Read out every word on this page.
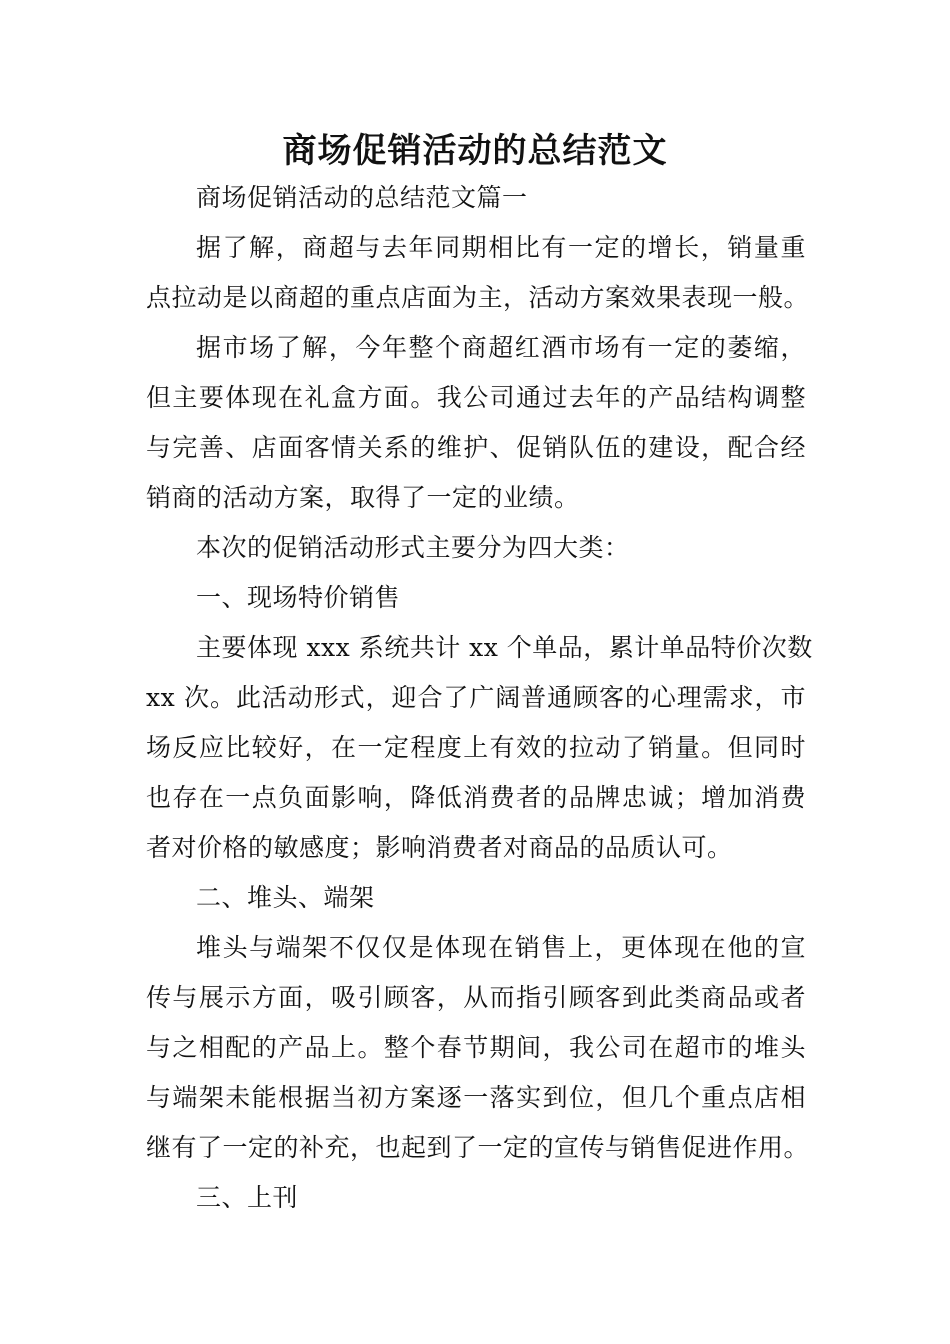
商场促销活动的总结范文
商场促销活动的总结范文篇一
据了解，商超与去年同期相比有一定的增长，销量重
点拉动是以商超的重点店面为主，活动方案效果表现一般。
据市场了解，今年整个商超红酒市场有一定的萎缩，
但主要体现在礼盒方面。我公司通过去年的产品结构调整
与完善、店面客情关系的维护、促销队伍的建设，配合经
销商的活动方案，取得了一定的业绩。
本次的促销活动形式主要分为四大类：
一、现场特价销售
主要体现 xxx 系统共计 xx 个单品，累计单品特价次数
xx 次。此活动形式，迎合了广阔普通顾客的心理需求，市
场反应比较好，在一定程度上有效的拉动了销量。但同时
也存在一点负面影响，降低消费者的品牌忠诚；增加消费
者对价格的敏感度；影响消费者对商品的品质认可。
二、堆头、端架
堆头与端架不仅仅是体现在销售上，更体现在他的宣
传与展示方面，吸引顾客，从而指引顾客到此类商品或者
与之相配的产品上。整个春节期间，我公司在超市的堆头
与端架未能根据当初方案逐一落实到位，但几个重点店相
继有了一定的补充，也起到了一定的宣传与销售促进作用。
三、上刊
